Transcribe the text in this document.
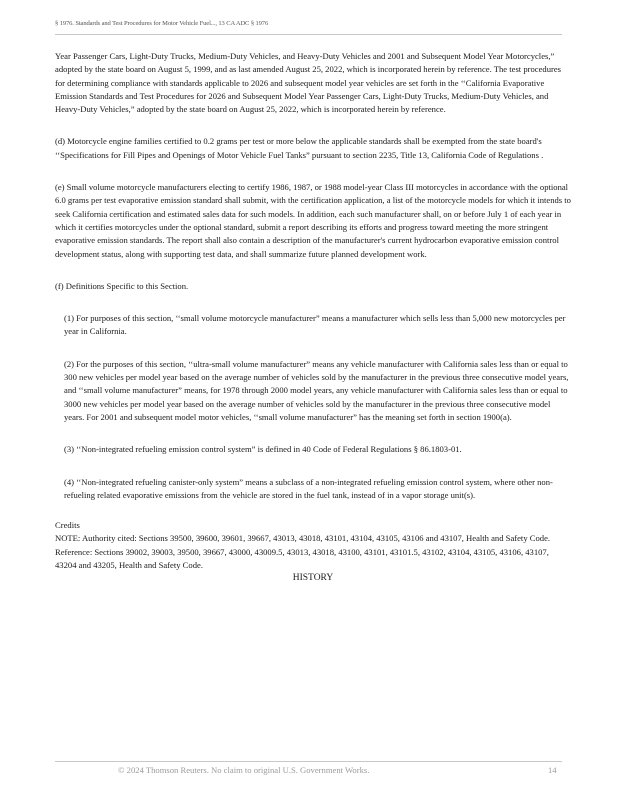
§ 1976. Standards and Test Procedures for Motor Vehicle Fuel..., 13 CA ADC § 1976

Year Passenger Cars, Light-Duty Trucks, Medium-Duty Vehicles, and Heavy-Duty Vehicles and 2001 and Subsequent Model Year Motorcycles,” adopted by the state board on August 5, 1999, and as last amended August 25, 2022, which is incorporated herein by reference. The test procedures for determining compliance with standards applicable to 2026 and subsequent model year vehicles are set forth in the ‘‘California Evaporative Emission Standards and Test Procedures for 2026 and Subsequent Model Year Passenger Cars, Light-Duty Trucks, Medium-Duty Vehicles, and Heavy-Duty Vehicles,” adopted by the state board on August 25, 2022, which is incorporated herein by reference.

(d) Motorcycle engine families certified to 0.2 grams per test or more below the applicable standards shall be exempted from the state board's ‘‘Specifications for Fill Pipes and Openings of Motor Vehicle Fuel Tanks” pursuant to section 2235, Title 13, California Code of Regulations .

(e) Small volume motorcycle manufacturers electing to certify 1986, 1987, or 1988 model-year Class III motorcycles in accordance with the optional 6.0 grams per test evaporative emission standard shall submit, with the certification application, a list of the motorcycle models for which it intends to seek California certification and estimated sales data for such models. In addition, each such manufacturer shall, on or before July 1 of each year in which it certifies motorcycles under the optional standard, submit a report describing its efforts and progress toward meeting the more stringent evaporative emission standards. The report shall also contain a description of the manufacturer's current hydrocarbon evaporative emission control development status, along with supporting test data, and shall summarize future planned development work.

(f) Definitions Specific to this Section.

(1) For purposes of this section, ‘‘small volume motorcycle manufacturer” means a manufacturer which sells less than 5,000 new motorcycles per year in California.

(2) For the purposes of this section, ‘‘ultra-small volume manufacturer” means any vehicle manufacturer with California sales less than or equal to 300 new vehicles per model year based on the average number of vehicles sold by the manufacturer in the previous three consecutive model years, and ‘‘small volume manufacturer” means, for 1978 through 2000 model years, any vehicle manufacturer with California sales less than or equal to 3000 new vehicles per model year based on the average number of vehicles sold by the manufacturer in the previous three consecutive model years. For 2001 and subsequent model motor vehicles, ‘‘small volume manufacturer” has the meaning set forth in section 1900(a).

(3) ‘‘Non-integrated refueling emission control system” is defined in 40 Code of Federal Regulations § 86.1803-01.

(4) ‘‘Non-integrated refueling canister-only system” means a subclass of a non-integrated refueling emission control system, where other non-refueling related evaporative emissions from the vehicle are stored in the fuel tank, instead of in a vapor storage unit(s).

Credits

NOTE: Authority cited: Sections 39500, 39600, 39601, 39667, 43013, 43018, 43101, 43104, 43105, 43106 and 43107, Health and Safety Code. Reference: Sections 39002, 39003, 39500, 39667, 43000, 43009.5, 43013, 43018, 43100, 43101, 43101.5, 43102, 43104, 43105, 43106, 43107, 43204 and 43205, Health and Safety Code.

HISTORY

© 2024 Thomson Reuters. No claim to original U.S. Government Works.	14
